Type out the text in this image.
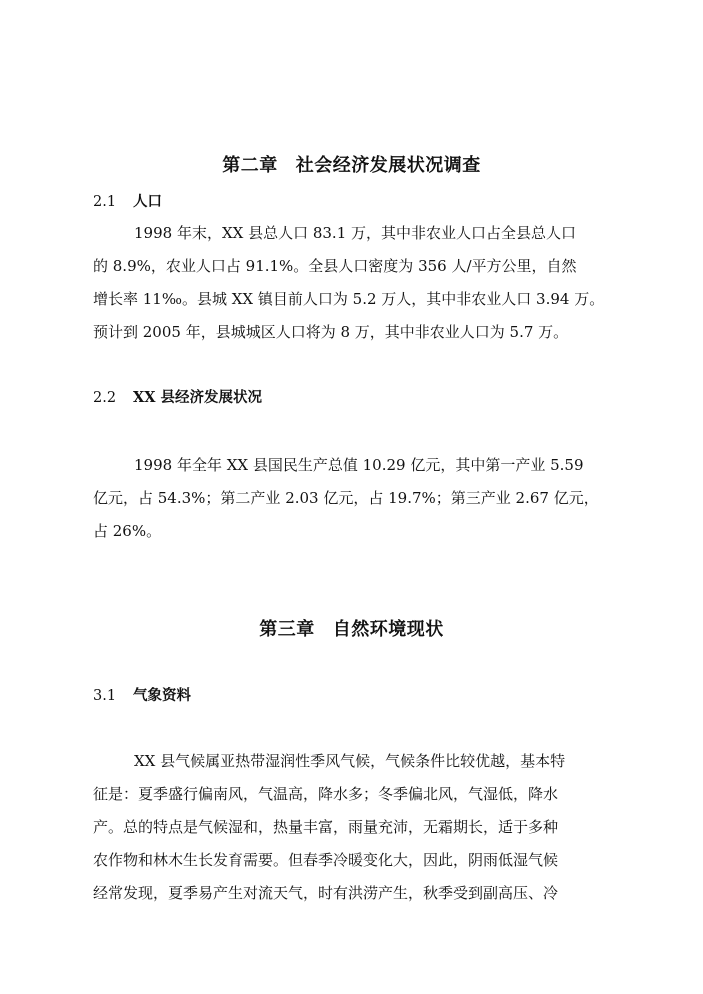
第二章 社会经济发展状况调查
2.1 人口
1998 年末，XX 县总人口 83.1 万，其中非农业人口占全县总人口
的 8.9%，农业人口占 91.1%。全县人口密度为 356 人/平方公里，自然
增长率 11‰。县城 XX 镇目前人口为 5.2 万人，其中非农业人口 3.94 万。
预计到 2005 年，县城城区人口将为 8 万，其中非农业人口为 5.7 万。
2.2 XX 县经济发展状况
1998 年全年 XX 县国民生产总值 10.29 亿元，其中第一产业 5.59
亿元，占 54.3%；第二产业 2.03 亿元，占 19.7%；第三产业 2.67 亿元，
占 26%。
第三章 自然环境现状
3.1 气象资料
XX 县气候属亚热带湿润性季风气候，气候条件比较优越，基本特
征是：夏季盛行偏南风，气温高，降水多；冬季偏北风，气湿低，降水
产。总的特点是气候湿和，热量丰富，雨量充沛，无霜期长，适于多种
农作物和林木生长发育需要。但春季冷暖变化大，因此，阴雨低湿气候
经常发现，夏季易产生对流天气，时有洪涝产生，秋季受到副高压、冷
